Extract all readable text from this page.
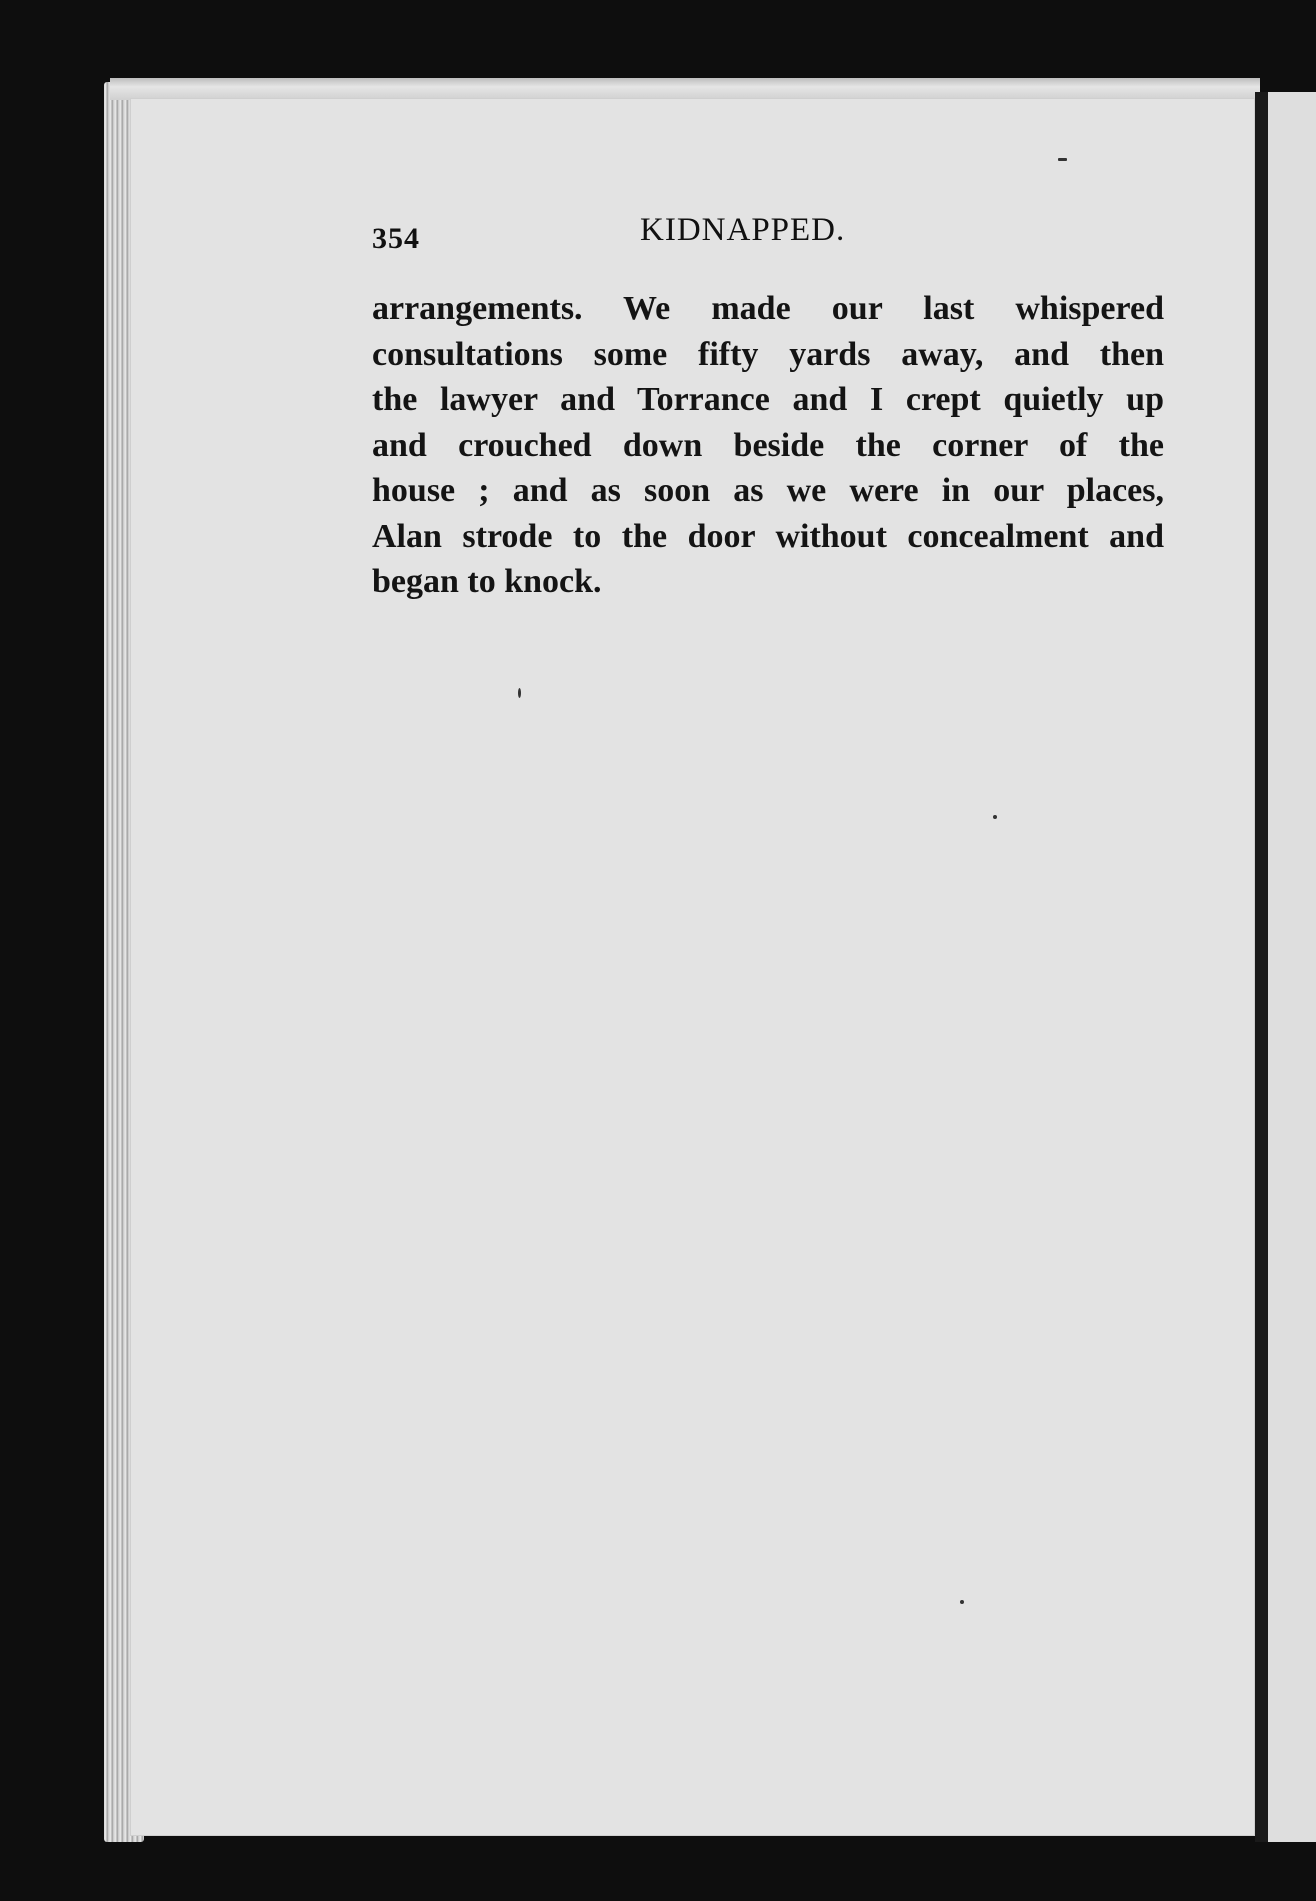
354	KIDNAPPED.
arrangements. We made our last whispered
consultations some fifty yards away, and then
the lawyer and Torrance and I crept quietly up
and crouched down beside the corner of the
house ; and as soon as we were in our places,
Alan strode to the door without concealment and
began to knock.
